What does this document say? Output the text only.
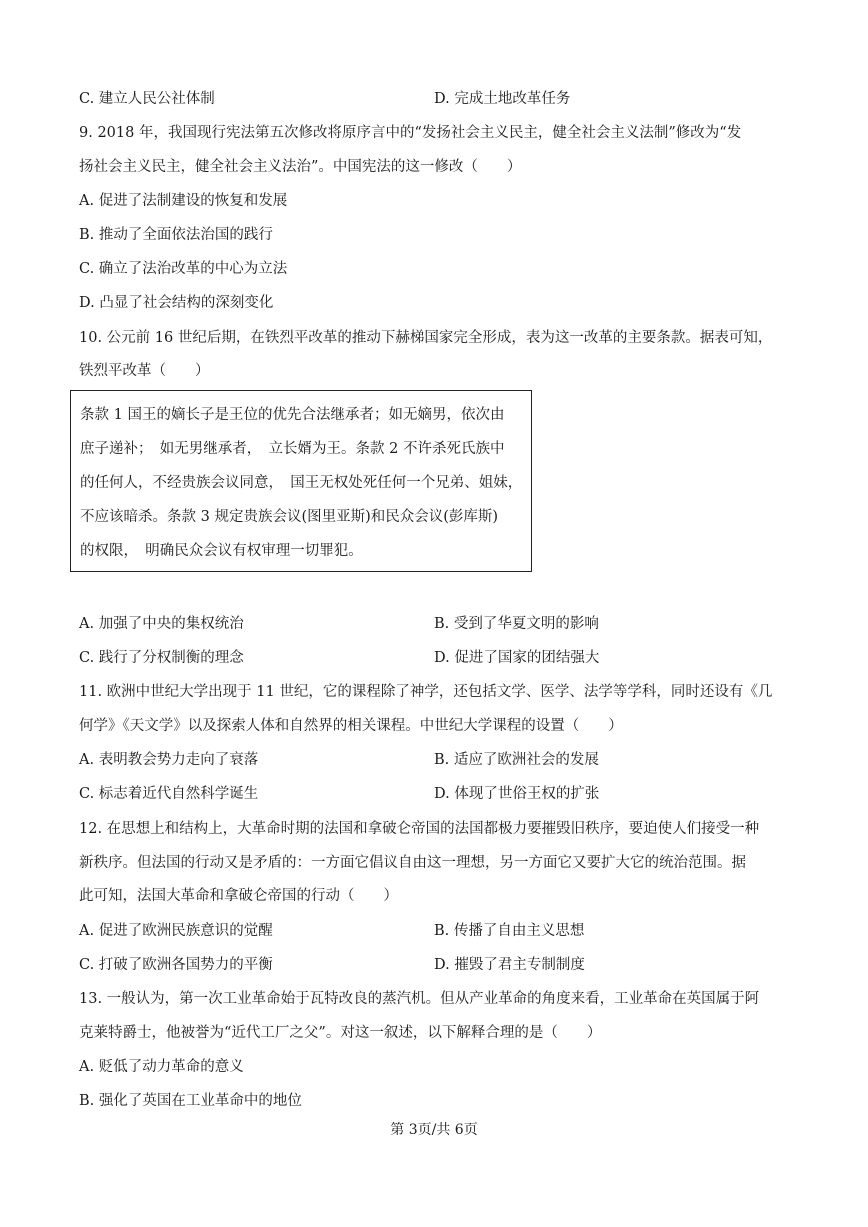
C. 建立人民公社体制	D. 完成土地改革任务
9. 2018 年，我国现行宪法第五次修改将原序言中的“发扬社会主义民主，健全社会主义法制”修改为“发
扬社会主义民主，健全社会主义法治”。中国宪法的这一修改（　　）
A. 促进了法制建设的恢复和发展
B. 推动了全面依法治国的践行
C. 确立了法治改革的中心为立法
D. 凸显了社会结构的深刻变化
10. 公元前 16 世纪后期，在铁烈平改革的推动下赫梯国家完全形成，表为这一改革的主要条款。据表可知，
铁烈平改革（　　）
条款 1 国王的嫡长子是王位的优先合法继承者；如无嫡男，依次由
庶子递补；　如无男继承者，　立长婿为王。条款 2 不许杀死氏族中
的任何人，不经贵族会议同意，　国王无权处死任何一个兄弟、姐妹，
不应该暗杀。条款 3 规定贵族会议(图里亚斯)和民众会议(彭库斯)
的权限，　明确民众会议有权审理一切罪犯。
A. 加强了中央的集权统治	B. 受到了华夏文明的影响
C. 践行了分权制衡的理念	D. 促进了国家的团结强大
11. 欧洲中世纪大学出现于 11 世纪，它的课程除了神学，还包括文学、医学、法学等学科，同时还设有《几
何学》《天文学》以及探索人体和自然界的相关课程。中世纪大学课程的设置（　　）
A. 表明教会势力走向了衰落	B. 适应了欧洲社会的发展
C. 标志着近代自然科学诞生	D. 体现了世俗王权的扩张
12. 在思想上和结构上，大革命时期的法国和拿破仑帝国的法国都极力要摧毁旧秩序，要迫使人们接受一种
新秩序。但法国的行动又是矛盾的：一方面它倡议自由这一理想，另一方面它又要扩大它的统治范围。据
此可知，法国大革命和拿破仑帝国的行动（　　）
A. 促进了欧洲民族意识的觉醒	B. 传播了自由主义思想
C. 打破了欧洲各国势力的平衡	D. 摧毁了君主专制制度
13. 一般认为，第一次工业革命始于瓦特改良的蒸汽机。但从产业革命的角度来看，工业革命在英国属于阿
克莱特爵士，他被誉为“近代工厂之父”。对这一叙述，以下解释合理的是（　　）
A. 贬低了动力革命的意义
B. 强化了英国在工业革命中的地位
第 3页/共 6页
